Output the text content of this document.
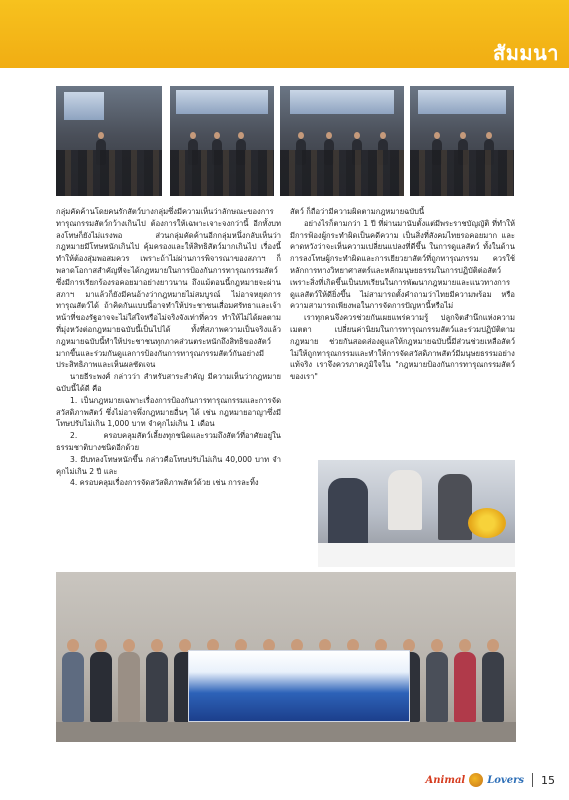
สัมมนา

กลุ่มคัดค้านโดยคนรักสัตว์บางกลุ่มซึ่งมีความเห็นว่าลักษณะของการทารุณกรรมสัตว์กว้างเกินไป ต้องการให้เฉพาะเจาะจงกว่านี้ อีกทั้งบทลงโทษก็ยังไม่แรงพอ ส่วนกลุ่มคัดค้านอีกกลุ่มหนึ่งกลับเห็นว่า กฎหมายมีโทษหนักเกินไป คุ้มครองและให้สิทธิสัตว์มากเกินไป เรื่องนี้ทำให้ต้องสุ่มพอสมควร เพราะถ้าไม่ผ่านการพิจารณาของสภาฯ ก็พลาดโอกาสสำคัญที่จะได้กฎหมายในการป้องกันการทารุณกรรมสัตว์ ซึ่งมีการเรียกร้องรอคอยมาอย่างยาวนาน ถึงแม้ตอนนี้กฎหมายจะผ่านสภาฯ มาแล้วก็ยังมีคนอ้างว่ากฎหมายไม่สมบูรณ์ ไม่อาจหยุดการทารุณสัตว์ได้ ถ้าคิดกันแบบนี้อาจทำให้ประชาชนเสื่อมศรัทธาและเจ้าหน้าที่ของรัฐอาจจะไม่ใส่ใจหรือไม่จริงจังเท่าที่ควร ทำให้ไม่ได้ผลตามที่มุ่งหวังต่อกฎหมายฉบับนี้เป็นไปได้ ทั้งที่สภาพความเป็นจริงแล้วกฎหมายฉบับนี้ทำให้ประชาชนทุกภาคส่วนตระหนักถึงสิทธิของสัตว์มากขึ้นและร่วมกันดูแลการป้องกันการทารุณกรรมสัตว์กันอย่างมีประสิทธิภาพและเห็นผลชัดเจน

นายธีระพงศ์ กล่าวว่า สำหรับสาระสำคัญ มีความเห็นว่ากฎหมายฉบับนี้ได้ดี คือ

1. เป็นกฎหมายเฉพาะเรื่องการป้องกันการทารุณกรรมและการจัดสวัสดิภาพสัตว์ ซึ่งไม่อาจพึ่งกฎหมายอื่นๆ ได้ เช่น กฎหมายอาญาซึ่งมีโทษปรับไม่เกิน 1,000 บาท จำคุกไม่เกิน 1 เดือน

2. ครอบคลุมสัตว์เลี้ยงทุกชนิดและรวมถึงสัตว์ที่อาศัยอยู่ในธรรมชาติบางชนิดอีกด้วย

3. มีบทลงโทษหนักขึ้น กล่าวคือโทษปรับไม่เกิน 40,000 บาท จำคุกไม่เกิน 2 ปี และ

4. ครอบคลุมเรื่องการจัดสวัสดิภาพสัตว์ด้วย เช่น การละทิ้ง

สัตว์ ก็ถือว่ามีความผิดตามกฎหมายฉบับนี้

อย่างไรก็ตามกว่า 1 ปี ที่ผ่านมานับตั้งแต่มีพระราชบัญญัติ ที่ทำให้มีการฟ้องผู้กระทำผิดเป็นคดีความ เป็นสิ่งที่สังคมไทยรอคอยมาก และคาดหวังว่าจะเห็นความเปลี่ยนแปลงที่ดีขึ้น ในการดูแลสัตว์ ทั้งในด้านการลงโทษผู้กระทำผิดและการเยียวยาสัตว์ที่ถูกทารุณกรรม ควรใช้หลักการทางวิทยาศาสตร์และหลักมนุษยธรรมในการปฏิบัติต่อสัตว์ เพราะสิ่งที่เกิดขึ้นเป็นบทเรียนในการพัฒนากฎหมายและแนวทางการดูแลสัตว์ให้ดียิ่งขึ้น ไม่สามารถตั้งคำถามว่าไทยมีความพร้อม หรือความสามารถเพียงพอในการจัดการปัญหานี้หรือไม่

เราทุกคนจึงควรช่วยกันเผยแพร่ความรู้ ปลูกจิตสำนึกแห่งความเมตตา เปลี่ยนค่านิยมในการทารุณกรรมสัตว์และร่วมปฏิบัติตามกฎหมาย ช่วยกันสอดส่องดูแลให้กฎหมายฉบับนี้มีส่วนช่วยเหลือสัตว์ไม่ให้ถูกทารุณกรรมและทำให้การจัดสวัสดิภาพสัตว์มีมนุษยธรรมอย่างแท้จริง เราจึงควรภาคภูมิใจใน "กฎหมายป้องกันการทารุณกรรมสัตว์ของเรา"

Animal Lovers 15
